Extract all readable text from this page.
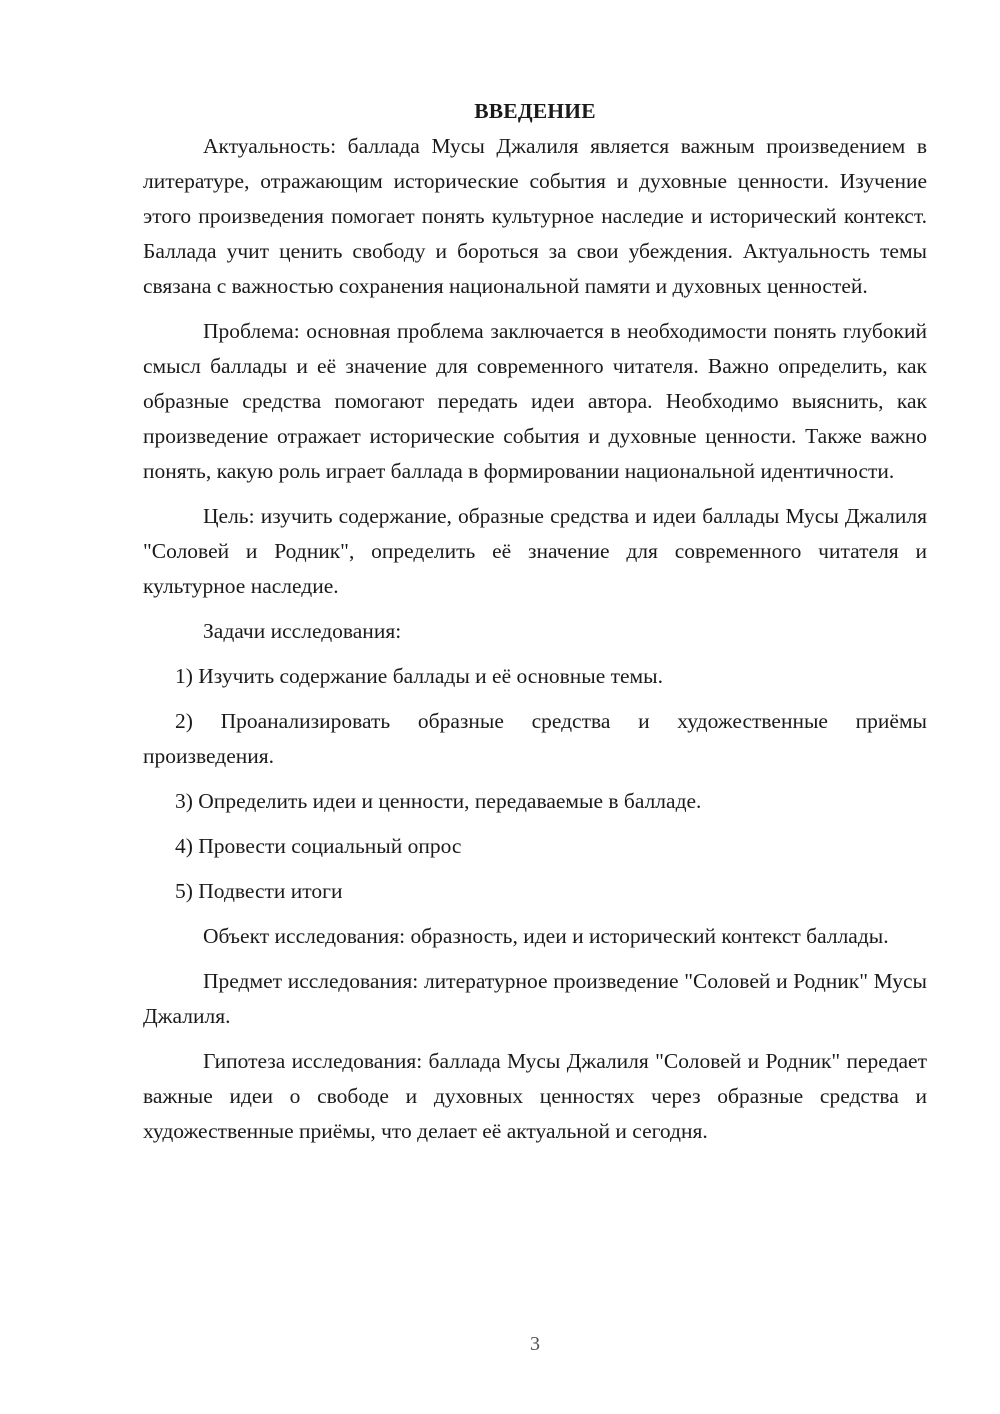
ВВЕДЕНИЕ

Актуальность: баллада Мусы Джалиля является важным произведением в литературе, отражающим исторические события и духовные ценности. Изучение этого произведения помогает понять культурное наследие и исторический контекст. Баллада учит ценить свободу и бороться за свои убеждения. Актуальность темы связана с важностью сохранения национальной памяти и духовных ценностей.

Проблема: основная проблема заключается в необходимости понять глубокий смысл баллады и её значение для современного читателя. Важно определить, как образные средства помогают передать идеи автора. Необходимо выяснить, как произведение отражает исторические события и духовные ценности. Также важно понять, какую роль играет баллада в формировании национальной идентичности.

Цель: изучить содержание, образные средства и идеи баллады Мусы Джалиля "Соловей и Родник", определить её значение для современного читателя и культурное наследие.

Задачи исследования:

1) Изучить содержание баллады и её основные темы.

2) Проанализировать образные средства и художественные приёмы произведения.

3) Определить идеи и ценности, передаваемые в балладе.

4) Провести социальный опрос

5) Подвести итоги

Объект исследования: образность, идеи и исторический контекст баллады.

Предмет исследования: литературное произведение "Соловей и Родник" Мусы Джалиля.

Гипотеза исследования: баллада Мусы Джалиля "Соловей и Родник" передает важные идеи о свободе и духовных ценностях через образные средства и художественные приёмы, что делает её актуальной и сегодня.

3
